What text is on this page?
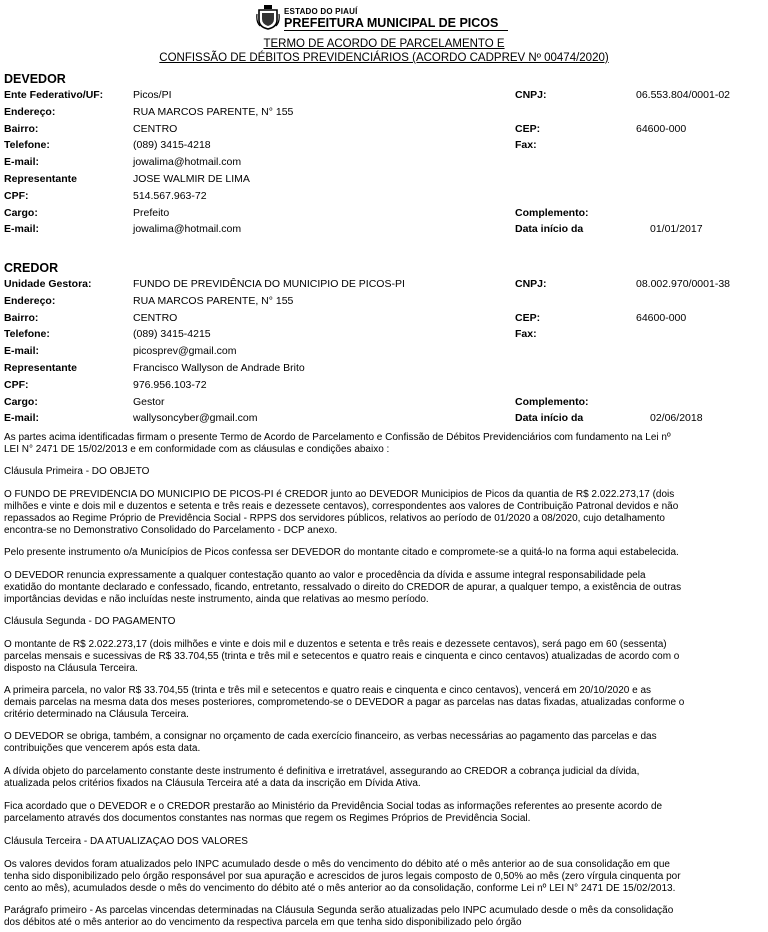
ESTADO DO PIAUÍ
PREFEITURA MUNICIPAL DE PICOS
TERMO DE ACORDO DE PARCELAMENTO E
CONFISSÃO DE DÉBITOS PREVIDENCIÁRIOS (ACORDO CADPREV Nº 00474/2020)
DEVEDOR
Ente Federativo/UF:	Picos/PI	CNPJ:	06.553.804/0001-02
Endereço:	RUA MARCOS PARENTE, N° 155
Bairro:	CENTRO	CEP:	64600-000
Telefone:	(089) 3415-4218	Fax:
E-mail:	jowalima@hotmail.com
Representante	JOSE WALMIR DE LIMA
CPF:	514.567.963-72
Cargo:	Prefeito	Complemento:
E-mail:	jowalima@hotmail.com	Data início da	01/01/2017
CREDOR
Unidade Gestora:	FUNDO DE PREVIDÊNCIA DO MUNICIPIO DE PICOS-PI	CNPJ:	08.002.970/0001-38
Endereço:	RUA MARCOS PARENTE, N° 155
Bairro:	CENTRO	CEP:	64600-000
Telefone:	(089) 3415-4215	Fax:
E-mail:	picosprev@gmail.com
Representante	Francisco Wallyson de Andrade Brito
CPF:	976.956.103-72
Cargo:	Gestor	Complemento:
E-mail:	wallysoncyber@gmail.com	Data início da	02/06/2018
As partes acima identificadas firmam o presente Termo de Acordo de Parcelamento e Confissão de Débitos Previdenciários com fundamento na Lei nº
LEI N° 2471 DE 15/02/2013 e em conformidade com as cláusulas e condições abaixo :
Cláusula Primeira - DO OBJETO
O FUNDO DE PREVIDÊNCIA DO MUNICIPIO DE PICOS-PI é CREDOR junto ao DEVEDOR Municipios de Picos da quantia de R$ 2.022.273,17 (dois
milhões e vinte e dois mil e duzentos e setenta e três reais e dezessete centavos), correspondentes aos valores de Contribuição Patronal devidos e não
repassados ao Regime Próprio de Previdência Social - RPPS dos servidores públicos, relativos ao período de 01/2020 a 08/2020, cujo detalhamento
encontra-se no Demonstrativo Consolidado do Parcelamento - DCP anexo.
Pelo presente instrumento o/a Municípios de Picos confessa ser DEVEDOR do montante citado e compromete-se a quitá-lo na forma aqui estabelecida.
O DEVEDOR renuncia expressamente a qualquer contestação quanto ao valor e procedência da dívida e assume integral responsabilidade pela
exatidão do montante declarado e confessado, ficando, entretanto, ressalvado o direito do CREDOR de apurar, a qualquer tempo, a existência de outras
importâncias devidas e não incluídas neste instrumento, ainda que relativas ao mesmo período.
Cláusula Segunda - DO PAGAMENTO
O montante de R$ 2.022.273,17 (dois milhões e vinte e dois mil e duzentos e setenta e três reais e dezessete centavos), será pago em 60 (sessenta)
parcelas mensais e sucessivas de R$ 33.704,55 (trinta e três mil e setecentos e quatro reais e cinquenta e cinco centavos) atualizadas de acordo com o
disposto na Cláusula Terceira.
A primeira parcela, no valor R$ 33.704,55 (trinta e três mil e setecentos e quatro reais e cinquenta e cinco centavos), vencerá em 20/10/2020 e as
demais parcelas na mesma data dos meses posteriores, comprometendo-se o DEVEDOR a pagar as parcelas nas datas fixadas, atualizadas conforme o
critério determinado na Cláusula Terceira.
O DEVEDOR se obriga, também, a consignar no orçamento de cada exercício financeiro, as verbas necessárias ao pagamento das parcelas e das
contribuições que vencerem após esta data.
A dívida objeto do parcelamento constante deste instrumento é definitiva e irretratável, assegurando ao CREDOR a cobrança judicial da dívida,
atualizada pelos critérios fixados na Cláusula Terceira até a data da inscrição em Dívida Ativa.
Fica acordado que o DEVEDOR e o CREDOR prestarão ao Ministério da Previdência Social todas as informações referentes ao presente acordo de
parcelamento através dos documentos constantes nas normas que regem os Regimes Próprios de Previdência Social.
Cláusula Terceira - DA ATUALIZAÇÃO DOS VALORES
Os valores devidos foram atualizados pelo INPC acumulado desde o mês do vencimento do débito até o mês anterior ao de sua consolidação em que
tenha sido disponibilizado pelo órgão responsável por sua apuração e acrescidos de juros legais composto de 0,50% ao mês (zero vírgula cinquenta por
cento ao mês), acumulados desde o mês do vencimento do débito até o mês anterior ao da consolidação, conforme Lei nº LEI N° 2471 DE 15/02/2013.
Parágrafo primeiro - As parcelas vincendas determinadas na Cláusula Segunda serão atualizadas pelo INPC acumulado desde o mês da consolidação
dos débitos até o mês anterior ao do vencimento da respectiva parcela em que tenha sido disponibilizado pelo órgão
